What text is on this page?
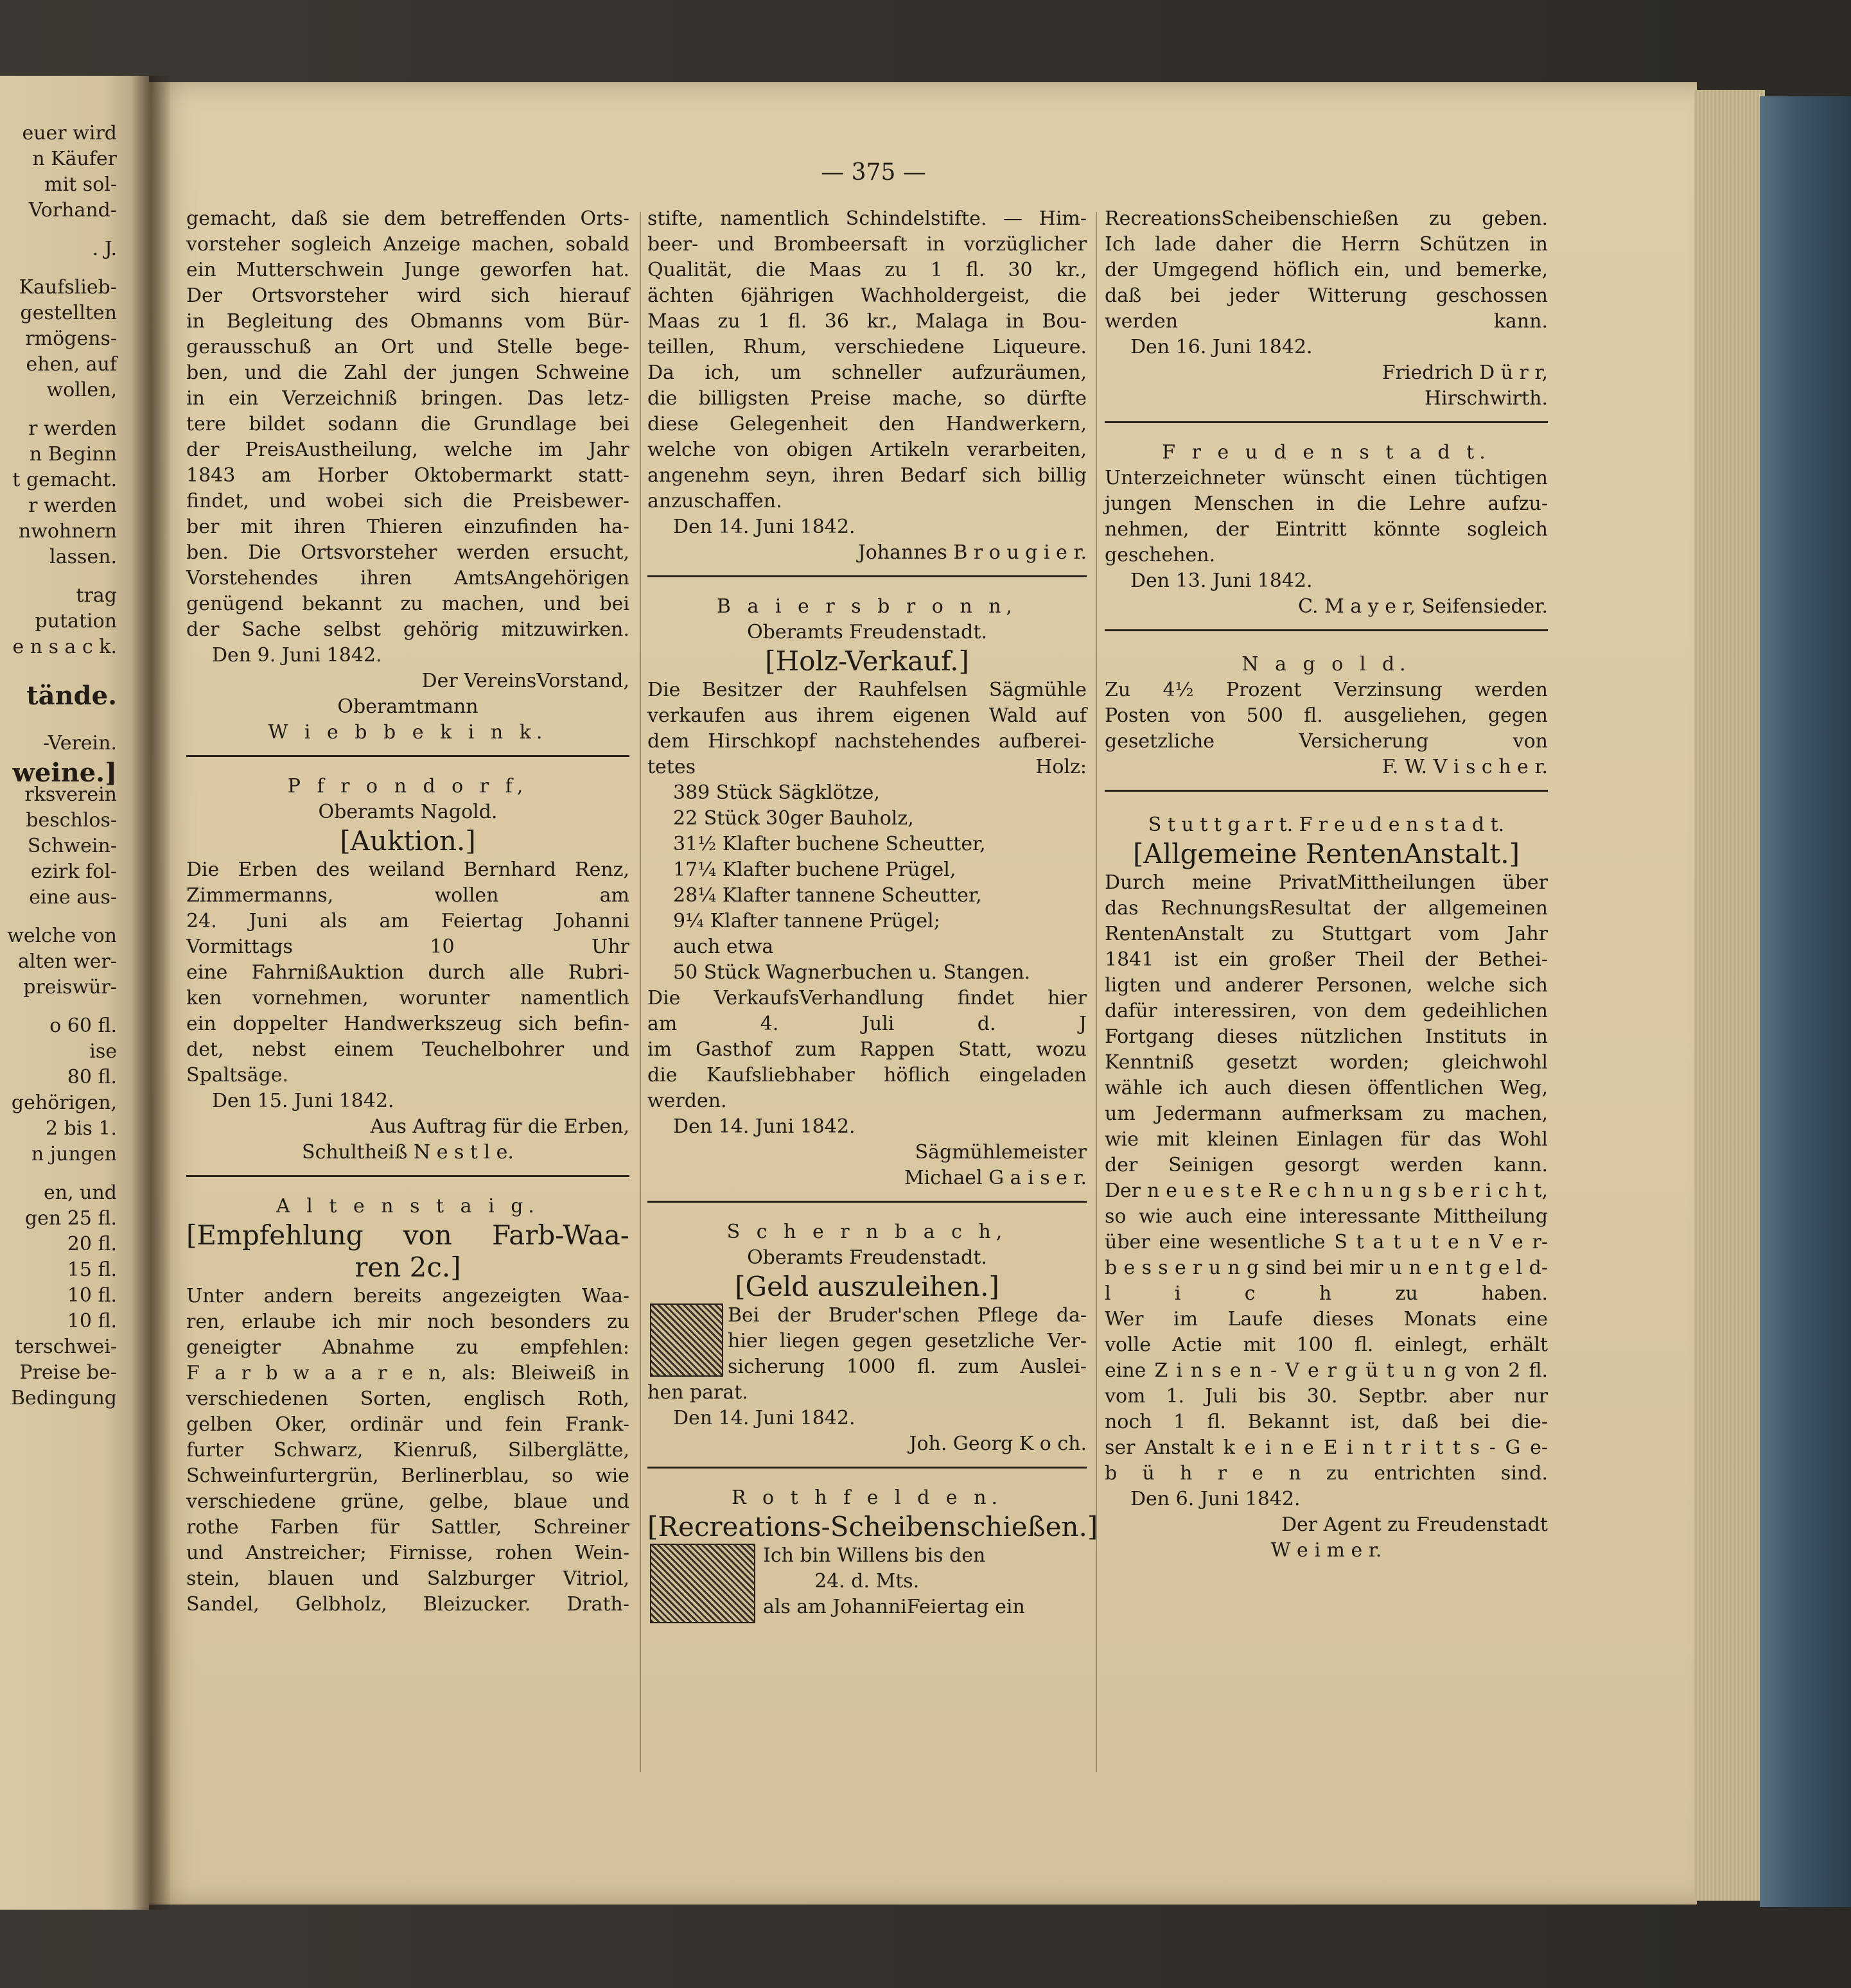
euer wird
n Käufer
mit sol-
Vorhand-
. J.
Kaufslieb-
gestellten
rmögens-
ehen, auf
wollen,
r werden
n Beginn
t gemacht.
r werden
nwohnern
lassen.
trag
putation
e n s a c k.
tände.
-Verein.
weine.]
rksverein
beschlos-
Schwein-
ezirk fol-
eine aus-
welche von
alten wer-
preiswür-
o 60 fl.
ise
80 fl.
gehörigen,
2 bis 1.
n jungen
en, und
gen 25 fl.
20 fl.
15 fl.
10 fl.
10 fl.
terschwei-
Preise be-
Bedingung
— 375 —
gemacht, daß sie dem betreffenden Orts-
vorsteher sogleich Anzeige machen, sobald
ein Mutterschwein Junge geworfen hat.
Der Ortsvorsteher wird sich hierauf
in Begleitung des Obmanns vom Bür-
gerausschuß an Ort und Stelle bege-
ben, und die Zahl der jungen Schweine
in ein Verzeichniß bringen. Das letz-
tere bildet sodann die Grundlage bei
der PreisAustheilung, welche im Jahr
1843 am Horber Oktobermarkt statt-
findet, und wobei sich die Preisbewer-
ber mit ihren Thieren einzufinden ha-
ben. Die Ortsvorsteher werden ersucht,
Vorstehendes ihren AmtsAngehörigen
genügend bekannt zu machen, und bei
der Sache selbst gehörig mitzuwirken.
Den 9. Juni 1842.
Der VereinsVorstand,
Oberamtmann
W i e b b e k i n k.
P f r o n d o r f,
Oberamts Nagold.
[Auktion.]
Die Erben des weiland Bernhard Renz,
Zimmermanns, wollen am
24. Juni als am Feiertag Johanni
Vormittags 10 Uhr
eine FahrnißAuktion durch alle Rubri-
ken vornehmen, worunter namentlich
ein doppelter Handwerkszeug sich befin-
det, nebst einem Teuchelbohrer und
Spaltsäge.
Den 15. Juni 1842.
Aus Auftrag für die Erben,
Schultheiß N e s t l e.
A l t e n s t a i g.
[Empfehlung von Farb-Waa-
ren 2c.]
Unter andern bereits angezeigten Waa-
ren, erlaube ich mir noch besonders zu
geneigter Abnahme zu empfehlen:
F a r b w a a r e n, als: Bleiweiß in
verschiedenen Sorten, englisch Roth,
gelben Oker, ordinär und fein Frank-
furter Schwarz, Kienruß, Silberglätte,
Schweinfurtergrün, Berlinerblau, so wie
verschiedene grüne, gelbe, blaue und
rothe Farben für Sattler, Schreiner
und Anstreicher; Firnisse, rohen Wein-
stein, blauen und Salzburger Vitriol,
Sandel, Gelbholz, Bleizucker. Drath-
stifte, namentlich Schindelstifte. — Him-
beer- und Brombeersaft in vorzüglicher
Qualität, die Maas zu 1 fl. 30 kr.,
ächten 6jährigen Wachholdergeist, die
Maas zu 1 fl. 36 kr., Malaga in Bou-
teillen, Rhum, verschiedene Liqueure.
Da ich, um schneller aufzuräumen,
die billigsten Preise mache, so dürfte
diese Gelegenheit den Handwerkern,
welche von obigen Artikeln verarbeiten,
angenehm seyn, ihren Bedarf sich billig
anzuschaffen.
Den 14. Juni 1842.
Johannes B r o u g i e r.
B a i e r s b r o n n,
Oberamts Freudenstadt.
[Holz-Verkauf.]
Die Besitzer der Rauhfelsen Sägmühle
verkaufen aus ihrem eigenen Wald auf
dem Hirschkopf nachstehendes aufberei-
tetes Holz:
389 Stück Sägklötze,
22 Stück 30ger Bauholz,
31½ Klafter buchene Scheutter,
17¼ Klafter buchene Prügel,
28¼ Klafter tannene Scheutter,
9¼ Klafter tannene Prügel;
auch etwa
50 Stück Wagnerbuchen u. Stangen.
Die VerkaufsVerhandlung findet hier
am 4. Juli d. J
im Gasthof zum Rappen Statt, wozu
die Kaufsliebhaber höflich eingeladen
werden.
Den 14. Juni 1842.
Sägmühlemeister
Michael G a i s e r.
S c h e r n b a c h,
Oberamts Freudenstadt.
[Geld auszuleihen.]
Bei der Bruder'schen Pflege da-
hier liegen gegen gesetzliche Ver-
sicherung 1000 fl. zum Auslei-
hen parat.
Den 14. Juni 1842.
Joh. Georg K o ch.
R o t h f e l d e n.
[Recreations-Scheibenschießen.]
Ich bin Willens bis den
24. d. Mts.
als am JohanniFeiertag ein
RecreationsScheibenschießen zu geben.
Ich lade daher die Herrn Schützen in
der Umgegend höflich ein, und bemerke,
daß bei jeder Witterung geschossen
werden kann.
Den 16. Juni 1842.
Friedrich D ü r r,
Hirschwirth.
F r e u d e n s t a d t.
Unterzeichneter wünscht einen tüchtigen
jungen Menschen in die Lehre aufzu-
nehmen, der Eintritt könnte sogleich
geschehen.
Den 13. Juni 1842.
C. M a y e r, Seifensieder.
N a g o l d.
Zu 4½ Prozent Verzinsung werden
Posten von 500 fl. ausgeliehen, gegen
gesetzliche Versicherung von
F. W. V i s c h e r.
S t u t t g a r t. F r e u d e n s t a d t.
[Allgemeine RentenAnstalt.]
Durch meine PrivatMittheilungen über
das RechnungsResultat der allgemeinen
RentenAnstalt zu Stuttgart vom Jahr
1841 ist ein großer Theil der Bethei-
ligten und anderer Personen, welche sich
dafür interessiren, von dem gedeihlichen
Fortgang dieses nützlichen Instituts in
Kenntniß gesetzt worden; gleichwohl
wähle ich auch diesen öffentlichen Weg,
um Jedermann aufmerksam zu machen,
wie mit kleinen Einlagen für das Wohl
der Seinigen gesorgt werden kann.
Der n e u e s t e R e c h n u n g s b e r i c h t,
so wie auch eine interessante Mittheilung
über eine wesentliche S t a t u t e n V e r-
b e s s e r u n g sind bei mir u n e n t g e l d-
l i c h zu haben.
Wer im Laufe dieses Monats eine
volle Actie mit 100 fl. einlegt, erhält
eine Z i n s e n - V e r g ü t u n g von 2 fl.
vom 1. Juli bis 30. Septbr. aber nur
noch 1 fl. Bekannt ist, daß bei die-
ser Anstalt k e i n e E i n t r i t t s - G e-
b ü h r e n zu entrichten sind.
Den 6. Juni 1842.
Der Agent zu Freudenstadt
W e i m e r.
